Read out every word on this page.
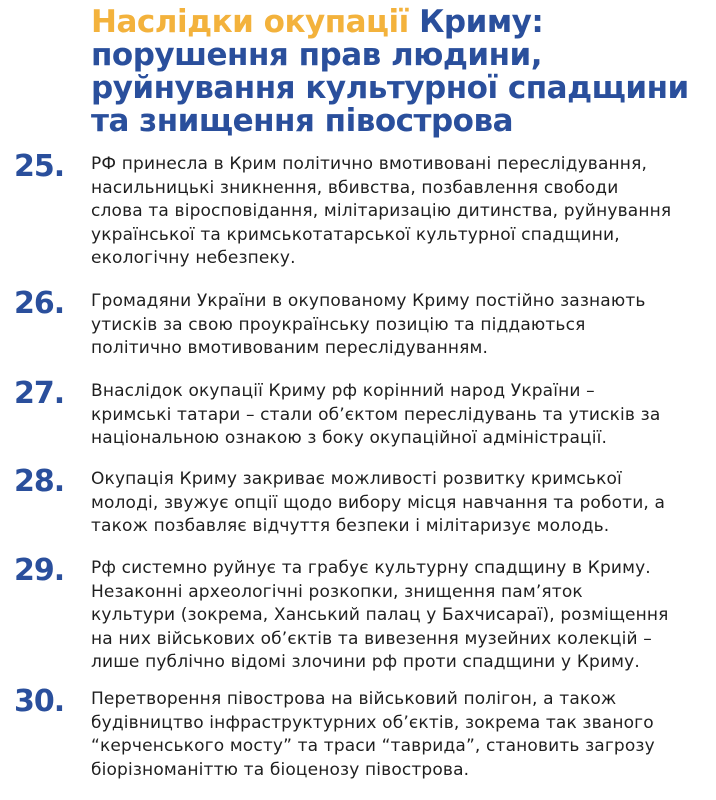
Наслідки окупації Криму:
порушення прав людини,
руйнування культурної спадщини
та знищення півострова
25.	РФ принесла в Крим політично вмотивовані переслідування,
насильницькі зникнення, вбивства, позбавлення свободи
слова та віросповідання, мілітаризацію дитинства, руйнування
української та кримськотатарської культурної спадщини,
екологічну небезпеку.
26.	Громадяни України в окупованому Криму постійно зазнають
утисків за свою проукраїнську позицію та піддаються
політично вмотивованим переслідуванням.
27.	Внаслідок окупації Криму рф корінний народ України –
кримські татари – стали об’єктом переслідувань та утисків за
національною ознакою з боку окупаційної адміністрації.
28.	Окупація Криму закриває можливості розвитку кримської
молоді, звужує опції щодо вибору місця навчання та роботи, а
також позбавляє відчуття безпеки і мілітаризує молодь.
29.	Рф системно руйнує та грабує культурну спадщину в Криму.
Незаконні археологічні розкопки, знищення пам’яток
культури (зокрема, Ханський палац у Бахчисараї), розміщення
на них військових об’єктів та вивезення музейних колекцій –
лише публічно відомі злочини рф проти спадщини у Криму.
30.	Перетворення півострова на військовий полігон, а також
будівництво інфраструктурних об’єктів, зокрема так званого
“керченського мосту” та траси “таврида”, становить загрозу
біорізноманіттю та біоценозу півострова.
